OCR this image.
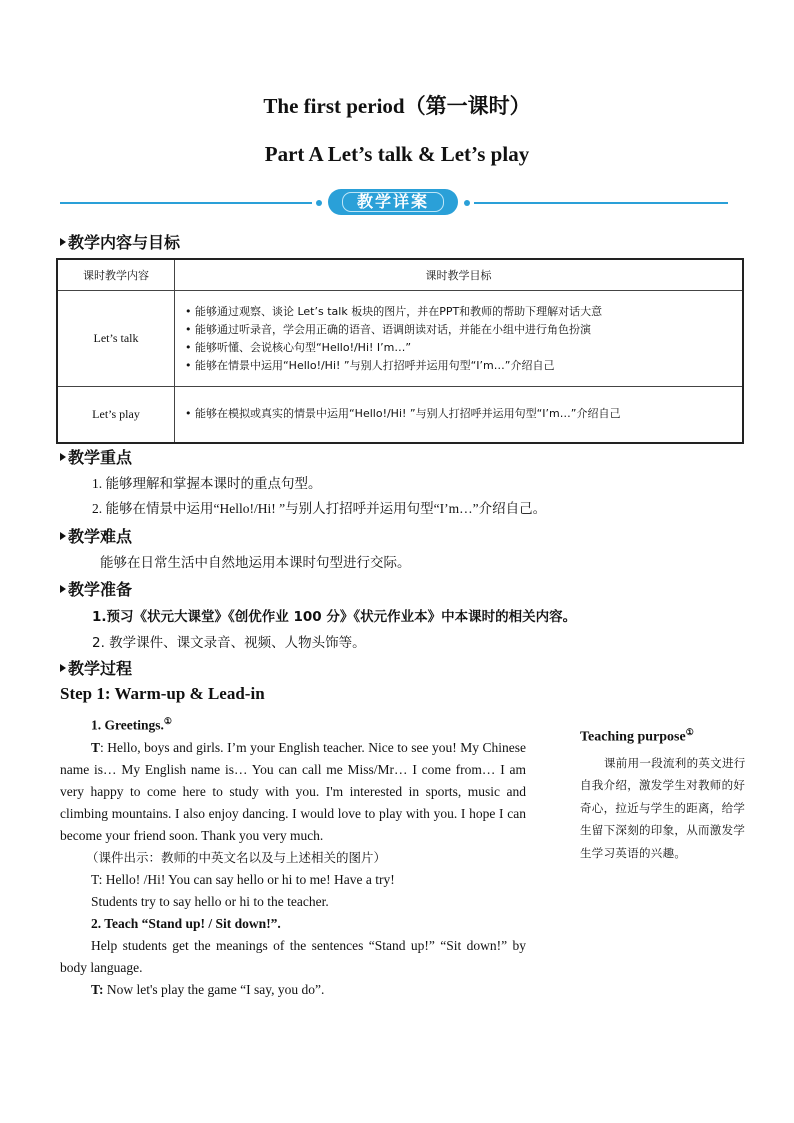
The first period（第一课时）
Part A Let’s talk & Let’s play
教学详案
教学内容与目标
课时教学内容	课时教学目标
Let’s talk	• 能够通过观察、谈论 Let’s talk 板块的图片，并在PPT和教师的帮助下理解对话大意
• 能够通过听录音，学会用正确的语音、语调朗读对话，并能在小组中进行角色扮演
• 能够听懂、会说核心句型“Hello!/Hi! I’m…”
• 能够在情景中运用“Hello!/Hi! ”与别人打招呼并运用句型“I’m…”介绍自己

Let’s play	• 能够在模拟或真实的情景中运用“Hello!/Hi! ”与别人打招呼并运用句型“I’m…”介绍自己
教学重点
1. 能够理解和掌握本课时的重点句型。
2. 能够在情景中运用“Hello!/Hi! ”与别人打招呼并运用句型“I’m…”介绍自己。
教学难点
能够在日常生活中自然地运用本课时句型进行交际。
教学准备
1.预习《状元大课堂》《创优作业 100 分》《状元作业本》中本课时的相关内容。
2. 教学课件、课文录音、视频、人物头饰等。
教学过程
Step 1: Warm-up & Lead-in

1. Greetings.①

T: Hello, boys and girls. I’m your English teacher. Nice to see you! My Chinese name is… My English name is… You can call me Miss/Mr… I come from… I am very happy to come here to study with you. I'm interested in sports, music and climbing mountains. I also enjoy dancing. I would love to play with you. I hope I can become your friend soon. Thank you very much.

（课件出示：教师的中英文名以及与上述相关的图片）

T: Hello! /Hi! You can say hello or hi to me! Have a try!

Students try to say hello or hi to the teacher.

2. Teach “Stand up! / Sit down!”.

Help students get the meanings of the sentences “Stand up!” “Sit down!” by body language.

T: Now let's play the game “I say, you do”.

Teaching purpose①
课前用一段流利的英文进行自我介绍，激发学生对教师的好奇心，拉近与学生的距离，给学生留下深刻的印象，从而激发学生学习英语的兴趣。
